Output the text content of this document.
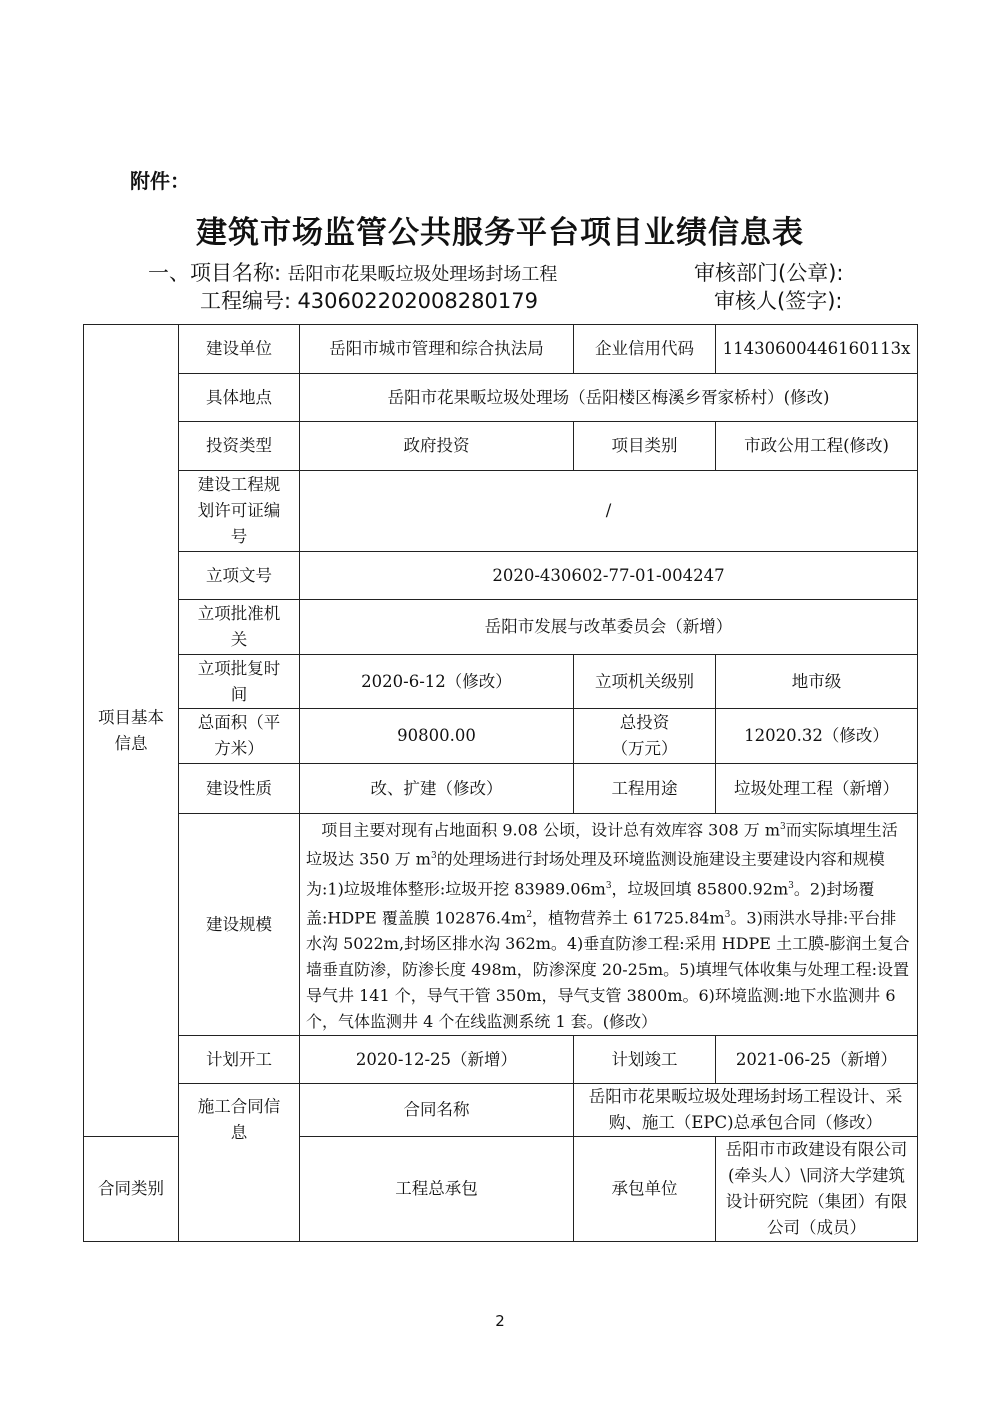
附件：
建筑市场监管公共服务平台项目业绩信息表
一、项目名称: 岳阳市花果畈垃圾处理场封场工程	审核部门(公章):
工程编号: 430602202008280179	审核人(签字):
项目基本信息	建设单位	岳阳市城市管理和综合执法局	企业信用代码	11430600446160113x
	具体地点	岳阳市花果畈垃圾处理场（岳阳楼区梅溪乡胥家桥村）(修改)		
	投资类型	政府投资	项目类别	市政公用工程(修改)
	建设工程规划许可证编号	/		
	立项文号	2020-430602-77-01-004247		
	立项批准机关	岳阳市发展与改革委员会（新增）		
	立项批复时间	2020-6-12（修改）	立项机关级别	地市级
	总面积（平方米）	90800.00	总投资（万元）	12020.32（修改）
	建设性质	改、扩建（修改）	工程用途	垃圾处理工程（新增）
	建设规模	项目主要对现有占地面积 9.08 公顷，设计总有效库容 308 万 $m^3$而实际填埋生活垃圾达 350 万 $m^3$的处理场进行封场处理及环境监测设施建设主要建设内容和规模为:1)垃圾堆体整形:垃圾开挖 $83989.06m^3$，垃圾回填 $85800.92m^3$。2)封场覆盖:HDPE 覆盖膜 $102876.4m^2$，植物营养土 $61725.84m^3$。3)雨洪水导排:平台排水沟 5022m,封场区排水沟 362m。4)垂直防渗工程:采用 HDPE 土工膜-膨润土复合墙垂直防渗，防渗长度 498m，防渗深度 20-25m。5)填埋气体收集与处理工程:设置导气井 141 个，导气干管 350m，导气支管 3800m。6)环境监测:地下水监测井 6 个，气体监测井 4 个在线监测系统 1 套。(修改）		
	计划开工	2020-12-25（新增）	计划竣工	2021-06-25（新增）
	施工合同信息	合同名称	岳阳市花果畈垃圾处理场封场工程设计、采购、施工（EPC)总承包合同（修改）	
合同类别		工程总承包	承包单位	岳阳市市政建设有限公司(牵头人）\同济大学建筑设计研究院（集团）有限公司（成员）
2
